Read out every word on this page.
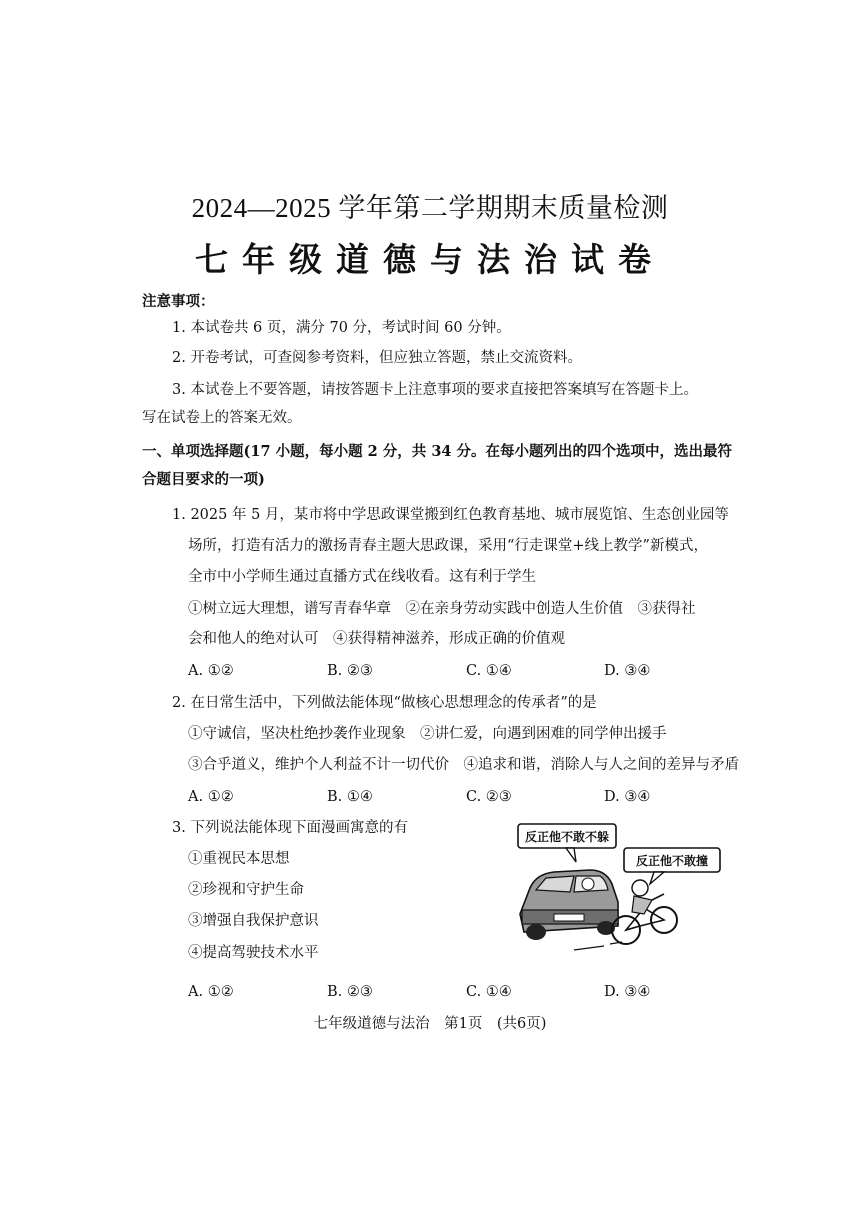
2024—2025 学年第二学期期末质量检测
七年级道德与法治试卷
注意事项：
1. 本试卷共 6 页，满分 70 分，考试时间 60 分钟。
2. 开卷考试，可查阅参考资料，但应独立答题，禁止交流资料。
3. 本试卷上不要答题，请按答题卡上注意事项的要求直接把答案填写在答题卡上。
写在试卷上的答案无效。
一、单项选择题(17 小题，每小题 2 分，共 34 分。在每小题列出的四个选项中，选出最符
合题目要求的一项)
1. 2025 年 5 月，某市将中学思政课堂搬到红色教育基地、城市展览馆、生态创业园等
场所，打造有活力的激扬青春主题大思政课，采用“行走课堂+线上教学”新模式，
全市中小学师生通过直播方式在线收看。这有利于学生
①树立远大理想，谱写青春华章　②在亲身劳动实践中创造人生价值　③获得社
会和他人的绝对认可　④获得精神滋养，形成正确的价值观
A. ①②	B. ②③	C. ①④	D. ③④
2. 在日常生活中，下列做法能体现“做核心思想理念的传承者”的是
①守诚信，坚决杜绝抄袭作业现象　②讲仁爱，向遇到困难的同学伸出援手
③合乎道义，维护个人利益不计一切代价　④追求和谐，消除人与人之间的差异与矛盾
A. ①②	B. ①④	C. ②③	D. ③④
3. 下列说法能体现下面漫画寓意的有
①重视民本思想
②珍视和守护生命
③增强自我保护意识
④提高驾驶技术水平
A. ①②	B. ②③	C. ①④	D. ③④
反正他不敢不躲
反正他不敢撞
七年级道德与法治　第1页　(共6页)
